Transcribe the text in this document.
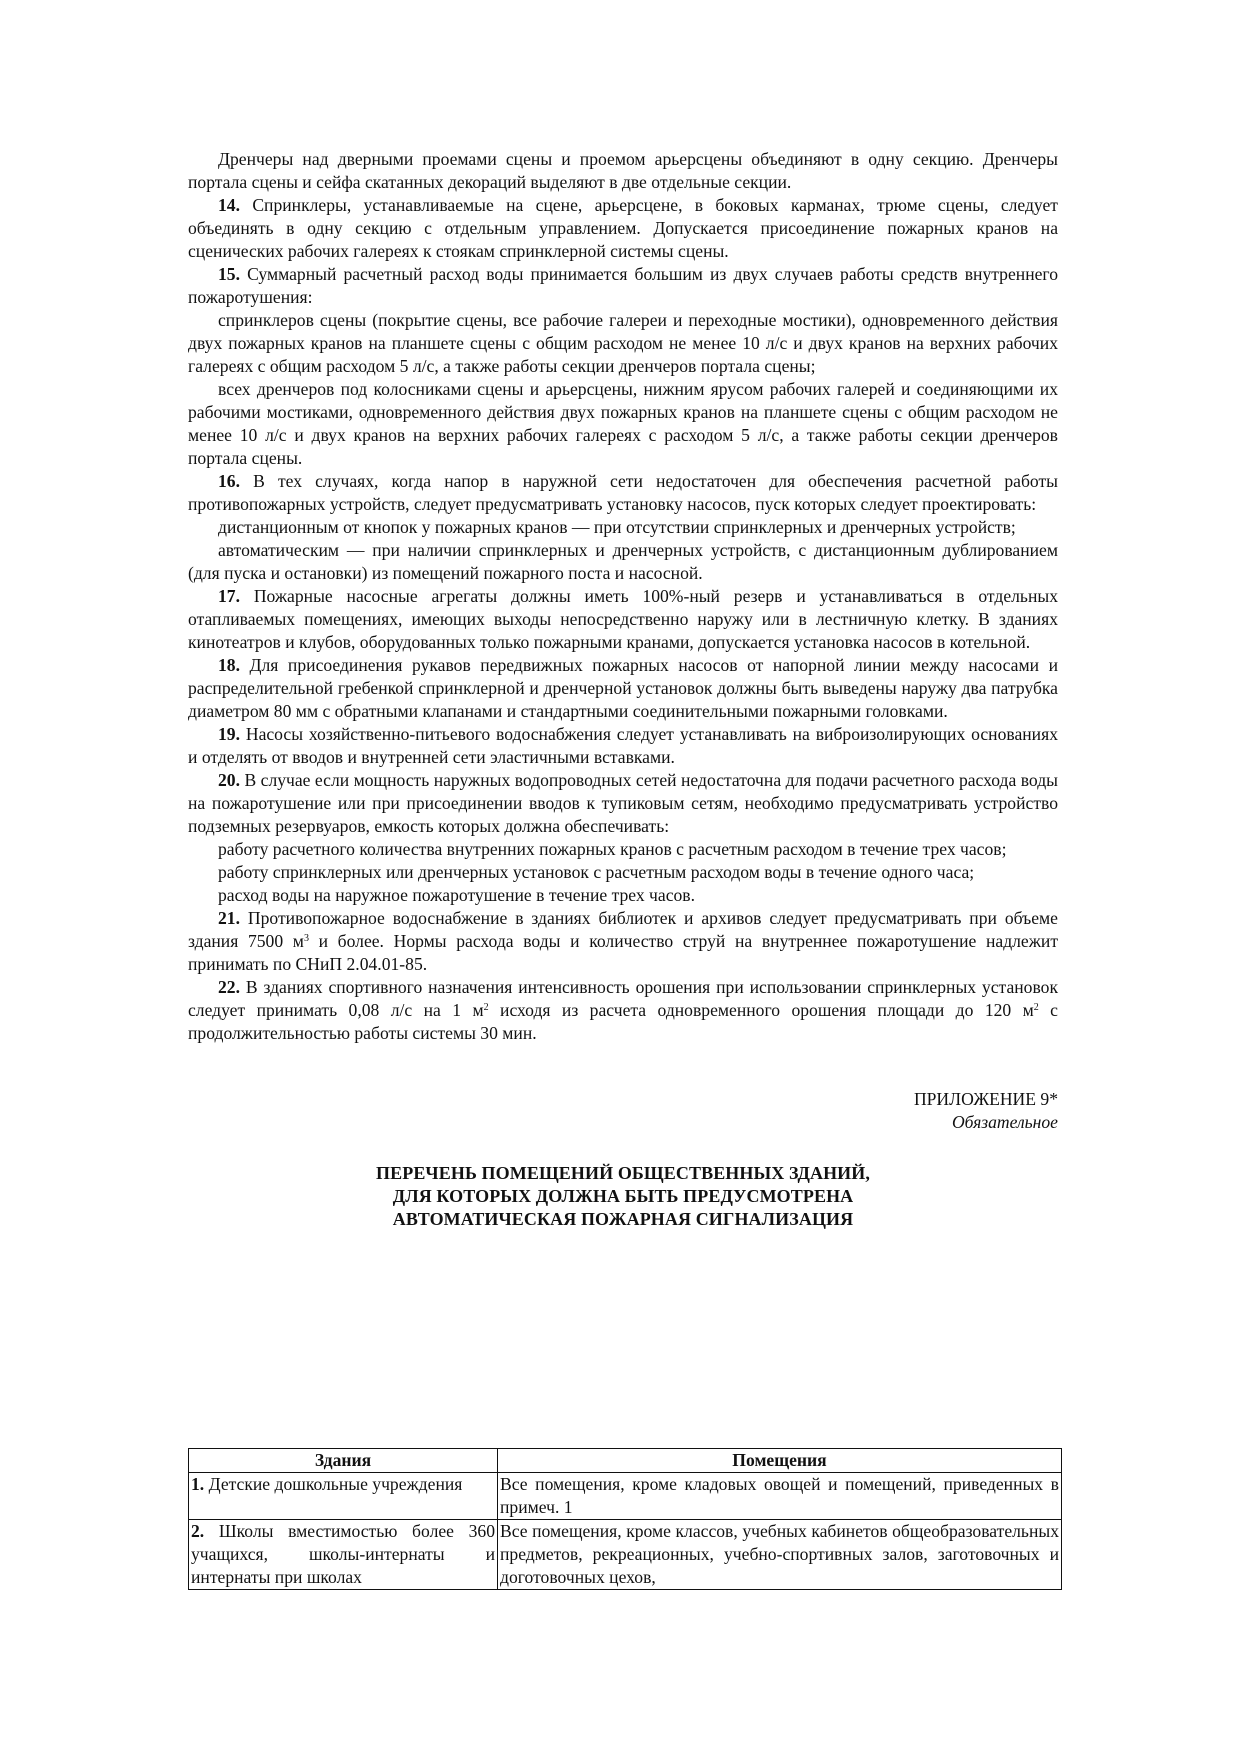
Дренчеры над дверными проемами сцены и проемом арьерсцены объединяют в одну секцию. Дренчеры портала сцены и сейфа скатанных декораций выделяют в две отдельные секции.

14. Спринклеры, устанавливаемые на сцене, арьерсцене, в боковых карманах, трюме сцены, следует объединять в одну секцию с отдельным управлением. Допускается присоединение пожарных кранов на сценических рабочих галереях к стоякам спринклерной системы сцены.

15. Суммарный расчетный расход воды принимается большим из двух случаев работы средств внутреннего пожаротушения:

спринклеров сцены (покрытие сцены, все рабочие галереи и переходные мостики), одновременного действия двух пожарных кранов на планшете сцены с общим расходом не менее 10 л/с и двух кранов на верхних рабочих галереях с общим расходом 5 л/с, а также работы секции дренчеров портала сцены;

всех дренчеров под колосниками сцены и арьерсцены, нижним ярусом рабочих галерей и соединяющими их рабочими мостиками, одновременного действия двух пожарных кранов на планшете сцены с общим расходом не менее 10 л/с и двух кранов на верхних рабочих галереях с расходом 5 л/с, а также работы секции дренчеров портала сцены.

16. В тех случаях, когда напор в наружной сети недостаточен для обеспечения расчетной работы противопожарных устройств, следует предусматривать установку насосов, пуск которых следует проектировать:

дистанционным от кнопок у пожарных кранов — при отсутствии спринклерных и дренчерных устройств;

автоматическим — при наличии спринклерных и дренчерных устройств, с дистанционным дублированием (для пуска и остановки) из помещений пожарного поста и насосной.

17. Пожарные насосные агрегаты должны иметь 100%-ный резерв и устанавливаться в отдельных отапливаемых помещениях, имеющих выходы непосредственно наружу или в лестничную клетку. В зданиях кинотеатров и клубов, оборудованных только пожарными кранами, допускается установка насосов в котельной.

18. Для присоединения рукавов передвижных пожарных насосов от напорной линии между насосами и распределительной гребенкой спринклерной и дренчерной установок должны быть выведены наружу два патрубка диаметром 80 мм с обратными клапанами и стандартными соединительными пожарными головками.

19. Насосы хозяйственно-питьевого водоснабжения следует устанавливать на виброизолирующих основаниях и отделять от вводов и внутренней сети эластичными вставками.

20. В случае если мощность наружных водопроводных сетей недостаточна для подачи расчетного расхода воды на пожаротушение или при присоединении вводов к тупиковым сетям, необходимо предусматривать устройство подземных резервуаров, емкость которых должна обеспечивать:

работу расчетного количества внутренних пожарных кранов с расчетным расходом в течение трех часов;

работу спринклерных или дренчерных установок с расчетным расходом воды в течение одного часа;

расход воды на наружное пожаротушение в течение трех часов.

21. Противопожарное водоснабжение в зданиях библиотек и архивов следует предусматривать при объеме здания 7500 $м^3$ и более. Нормы расхода воды и количество струй на внутреннее пожаротушение надлежит принимать по СНиП 2.04.01-85.

22. В зданиях спортивного назначения интенсивность орошения при использовании спринклерных установок следует принимать 0,08 л/с на 1 $м^2$ исходя из расчета одновременного орошения площади до 120 $м^2$ с продолжительностью работы системы 30 мин.

ПРИЛОЖЕНИЕ 9*
Обязательное
ПЕРЕЧЕНЬ ПОМЕЩЕНИЙ ОБЩЕСТВЕННЫХ ЗДАНИЙ,
ДЛЯ КОТОРЫХ ДОЛЖНА БЫТЬ ПРЕДУСМОТРЕНА
АВТОМАТИЧЕСКАЯ ПОЖАРНАЯ СИГНАЛИЗАЦИЯ
Здания	Помещения
1. Детские дошкольные учреждения	Все помещения, кроме кладовых овощей и помещений, приведенных в примеч. 1
2. Школы вместимостью более 360 учащихся, школы-интернаты и интернаты при школах	Все помещения, кроме классов, учебных кабинетов общеобразовательных предметов, рекреационных, учебно-спортивных залов, заготовочных и доготовочных цехов,
